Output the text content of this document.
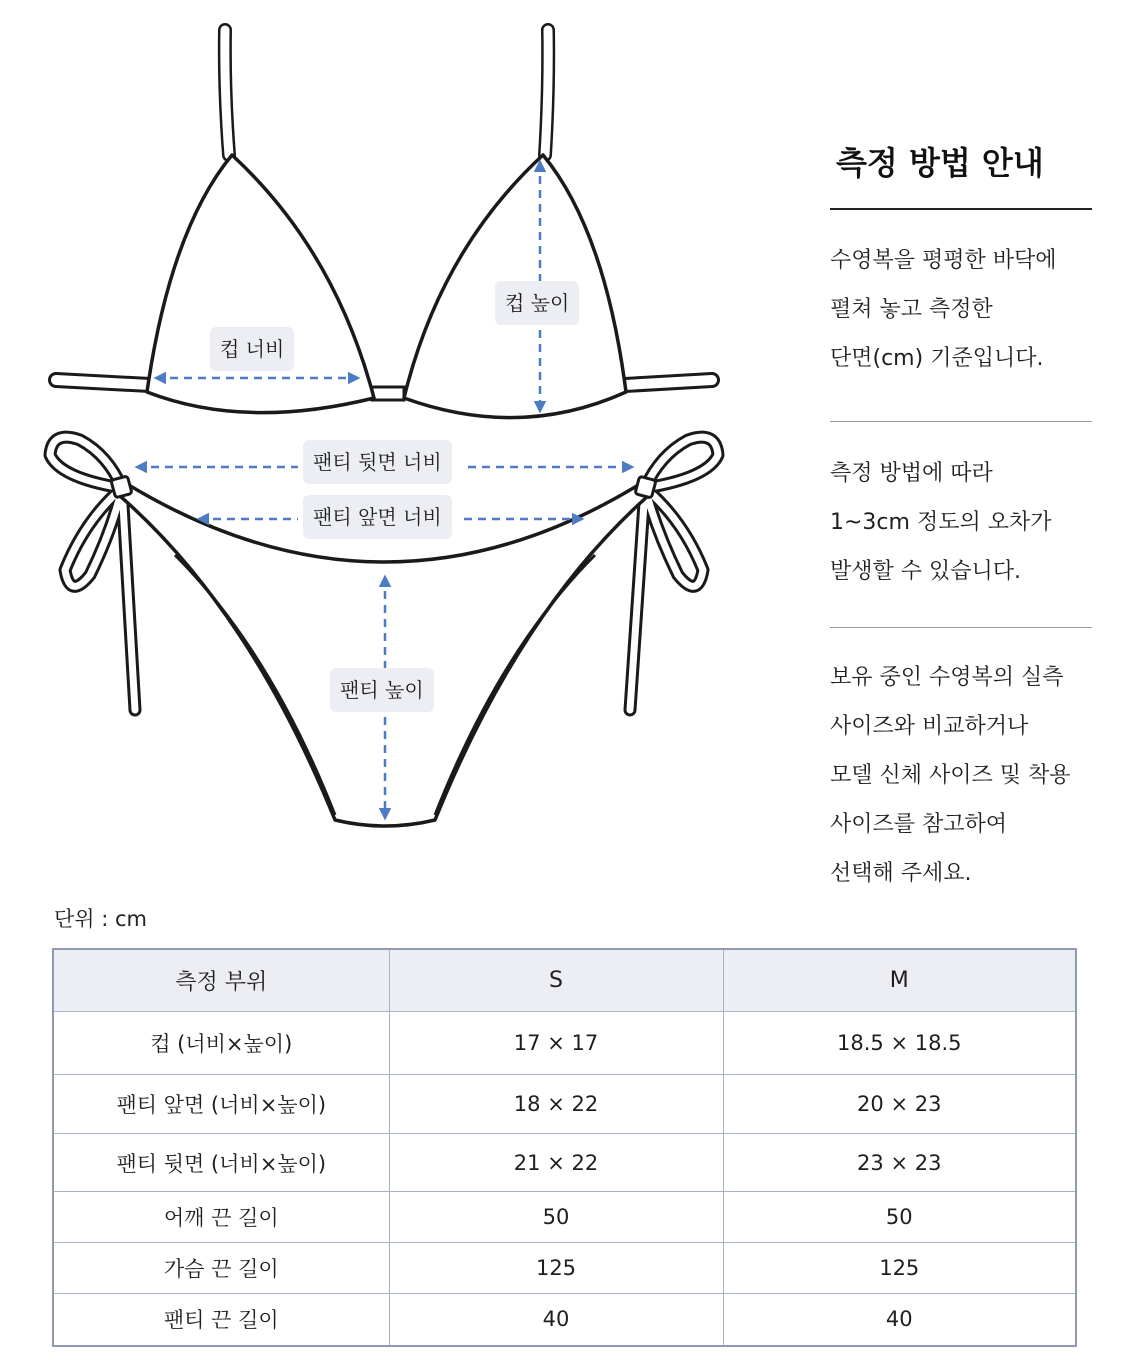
컵 너비
컵 높이
팬티 뒷면 너비
팬티 앞면 너비
팬티 높이
측정 방법 안내

수영복을 평평한 바닥에

펼쳐 놓고 측정한

단면(cm) 기준입니다.

측정 방법에 따라

1~3cm 정도의 오차가

발생할 수 있습니다.

보유 중인 수영복의 실측

사이즈와 비교하거나

모델 신체 사이즈 및 착용

사이즈를 참고하여

선택해 주세요.

단위 : cm
측정 부위	S	M
컵 (너비×높이)	17 × 17	18.5 × 18.5
팬티 앞면 (너비×높이)	18 × 22	20 × 23
팬티 뒷면 (너비×높이)	21 × 22	23 × 23
어깨 끈 길이	50	50
가슴 끈 길이	125	125
팬티 끈 길이	40	40
